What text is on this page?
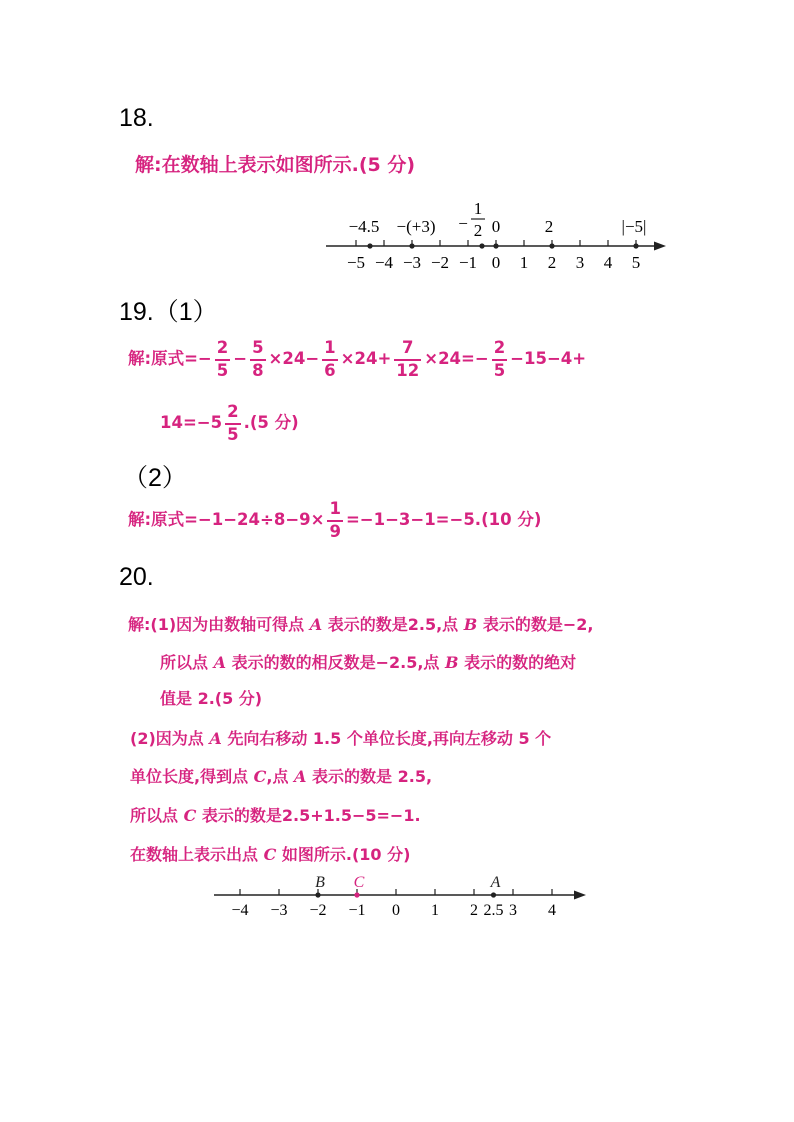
18.
解:在数轴上表示如图所示.(5 分)
−5 −4 −3 −2 −1 0 1 2 3 4 5
−4.5 −(+3) −
1
2 0	2	|−5|
19.（1）
解:原式=− $\frac{2}{5} - \frac{5}{8} \times 24- \frac{1}{6} \times 24+ \frac{7}{12} \times 24=- \frac{2}{5} -15-4+$
$14=-5 \frac{2}{5} .(5$ 分)
（2）
解:原式$=-1-24\div 8-9\times \frac{1}{9} =-1-3-1=-5.(10$ 分)
20.
解:(1)因为由数轴可得点 A 表示的数是2.5,点 B 表示的数是−2,
所以点 A 表示的数的相反数是−2.5,点 B 表示的数的绝对
值是 2.(5 分)
(2)因为点 A 先向右移动 1.5 个单位长度,再向左移动 5 个
单位长度,得到点 C,点 A 表示的数是 2.5,
所以点 C 表示的数是2.5+1.5−5=−1.
在数轴上表示出点 C 如图所示.(10 分)
−4 −3 −2 −1 0 1 2 3 4
2.5
B C	A
